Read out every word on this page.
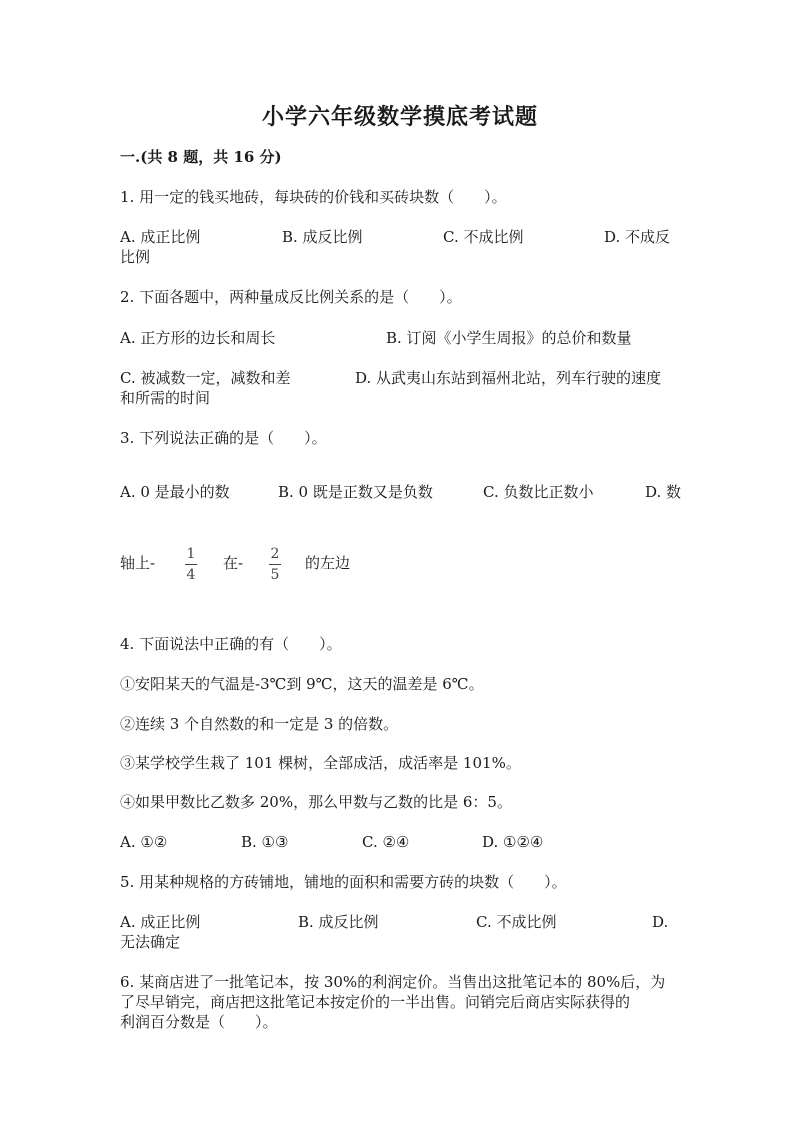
小学六年级数学摸底考试题
一.(共 8 题，共 16 分)
1. 用一定的钱买地砖，每块砖的价钱和买砖块数（　　）。
A. 成正比例	B. 成反比例	C. 不成比例	D. 不成反
比例
2. 下面各题中，两种量成反比例关系的是（　　）。
A. 正方形的边长和周长	B. 订阅《小学生周报》的总价和数量
C. 被减数一定，减数和差	D. 从武夷山东站到福州北站，列车行驶的速度
和所需的时间
3. 下列说法正确的是（　　）。
A. 0 是最小的数	B. 0 既是正数又是负数	C. 负数比正数小	D. 数
轴上- 1
4
在- 2
5
的左边
4. 下面说法中正确的有（　　）。
①安阳某天的气温是-3℃到 9℃，这天的温差是 6℃。
②连续 3 个自然数的和一定是 3 的倍数。
③某学校学生栽了 101 棵树，全部成活，成活率是 101%。
④如果甲数比乙数多 20%，那么甲数与乙数的比是 6：5。
A. ①②	B. ①③	C. ②④	D. ①②④
5. 用某种规格的方砖铺地，铺地的面积和需要方砖的块数（　　）。
A. 成正比例	B. 成反比例	C. 不成比例	D.
无法确定
6. 某商店进了一批笔记本，按 30%的利润定价。当售出这批笔记本的 80%后，为
了尽早销完，商店把这批笔记本按定价的一半出售。问销完后商店实际获得的
利润百分数是（　　）。
